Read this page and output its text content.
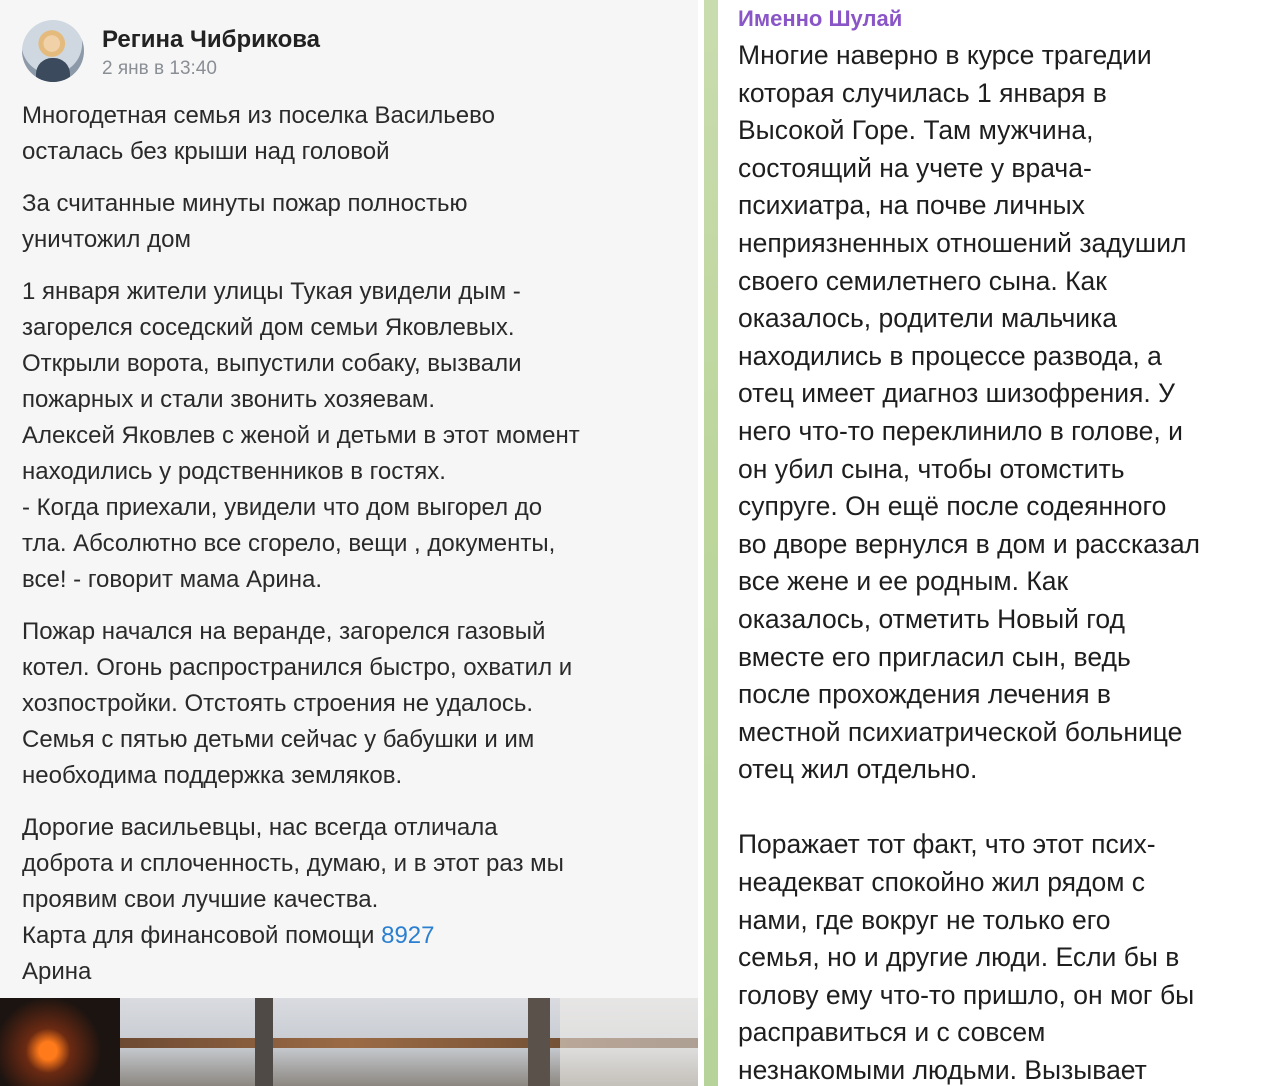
Регина Чибрикова
2 янв в 13:40

Многодетная семья из поселка Васильево
осталась без крыши над головой

За считанные минуты пожар полностью
уничтожил дом

1 января жители улицы Тукая увидели дым -
загорелся соседский дом семьи Яковлевых.
Открыли ворота, выпустили собаку, вызвали
пожарных и стали звонить хозяевам.
Алексей Яковлев с женой и детьми в этот момент
находились у родственников в гостях.
- Когда приехали, увидели что дом выгорел до
тла. Абсолютно все сгорело, вещи , документы,
все! - говорит мама Арина.

Пожар начался на веранде, загорелся газовый
котел. Огонь распространился быстро, охватил и
хозпостройки. Отстоять строения не удалось.
Семья с пятью детьми сейчас у бабушки и им
необходима поддержка земляков.

Дорогие васильевцы, нас всегда отличала
доброта и сплоченность, думаю, и в этот раз мы
проявим свои лучшие качества.
Карта для финансовой помощи 8927
Арина

Именно Шулай

Многие наверно в курсе трагедии
которая случилась 1 января в
Высокой Горе. Там мужчина,
состоящий на учете у врача-
психиатра, на почве личных
неприязненных отношений задушил
своего семилетнего сына. Как
оказалось, родители мальчика
находились в процессе развода, а
отец имеет диагноз шизофрения. У
него что-то переклинило в голове, и
он убил сына, чтобы отомстить
супруге. Он ещё после содеянного
во дворе вернулся в дом и рассказал
все жене и ее родным. Как
оказалось, отметить Новый год
вместе его пригласил сын, ведь
после прохождения лечения в
местной психиатрической больнице
отец жил отдельно.

Поражает тот факт, что этот псих-
неадекват спокойно жил рядом с
нами, где вокруг не только его
семья, но и другие люди. Если бы в
голову ему что-то пришло, он мог бы
расправиться и с совсем
незнакомыми людьми. Вызывает
